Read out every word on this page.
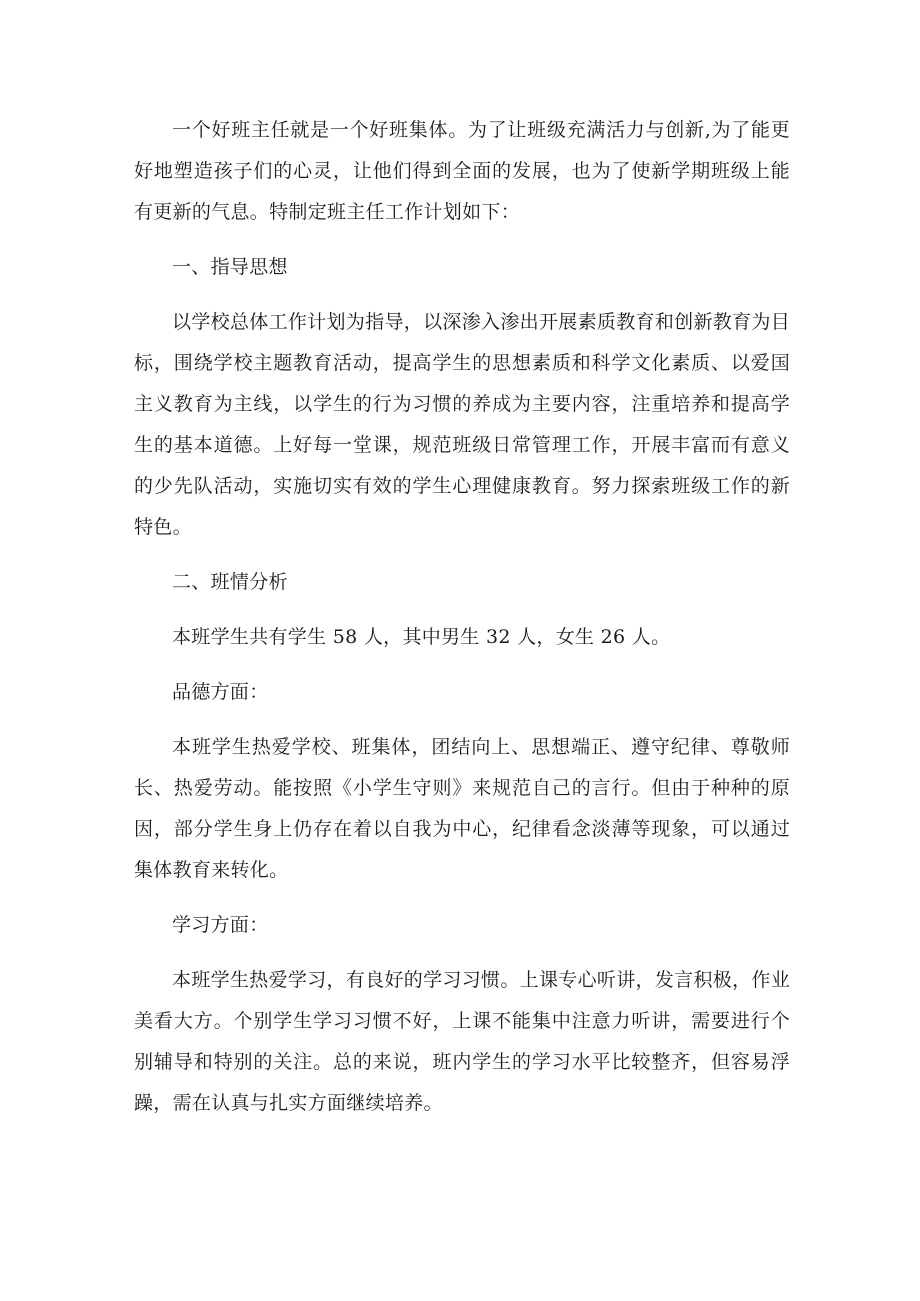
一个好班主任就是一个好班集体。为了让班级充满活力与创新,为了能更好地塑造孩子们的心灵，让他们得到全面的发展，也为了使新学期班级上能有更新的气息。特制定班主任工作计划如下：

一、指导思想

以学校总体工作计划为指导，以深渗入渗出开展素质教育和创新教育为目标，围绕学校主题教育活动，提高学生的思想素质和科学文化素质、以爱国主义教育为主线，以学生的行为习惯的养成为主要内容，注重培养和提高学生的基本道德。上好每一堂课，规范班级日常管理工作，开展丰富而有意义的少先队活动，实施切实有效的学生心理健康教育。努力探索班级工作的新特色。

二、班情分析

本班学生共有学生 58 人，其中男生 32 人，女生 26 人。

品德方面：

本班学生热爱学校、班集体，团结向上、思想端正、遵守纪律、尊敬师长、热爱劳动。能按照《小学生守则》来规范自己的言行。但由于种种的原因，部分学生身上仍存在着以自我为中心，纪律看念淡薄等现象，可以通过集体教育来转化。

学习方面：

本班学生热爱学习，有良好的学习习惯。上课专心听讲，发言积极，作业美看大方。个别学生学习习惯不好，上课不能集中注意力听讲，需要进行个别辅导和特别的关注。总的来说，班内学生的学习水平比较整齐，但容易浮躁，需在认真与扎实方面继续培养。
